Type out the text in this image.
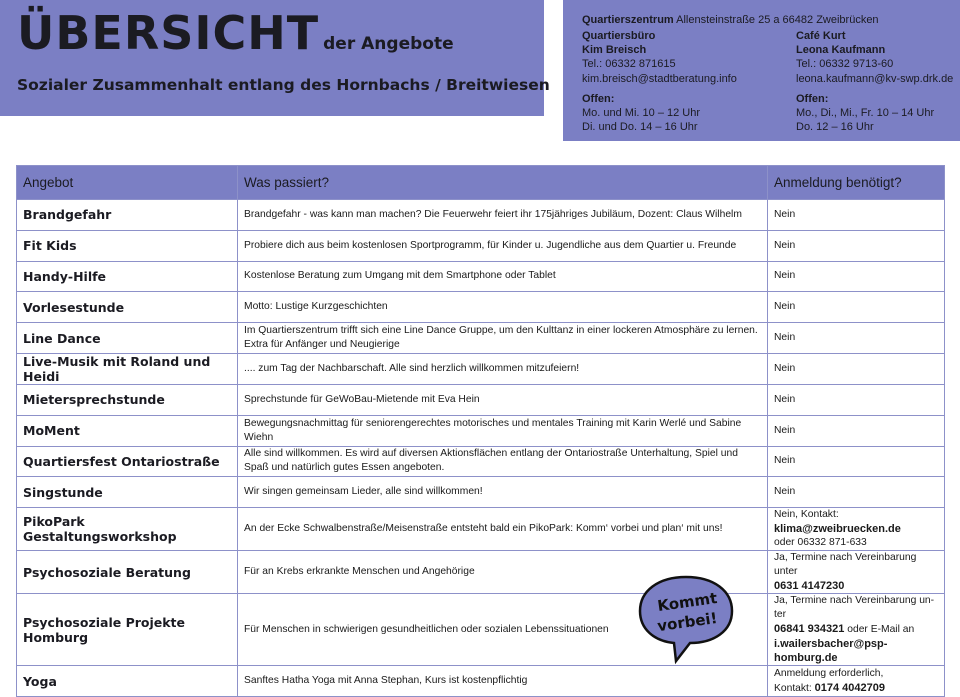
ÜBERSICHT der Angebote
Sozialer Zusammenhalt entlang des Hornbachs / Breitwiesen
Quartierszentrum Allensteinstraße 25 a 66482 Zweibrücken
Quartiersbüro
Kim Breisch
Tel.: 06332 871615
kim.breisch@stadtberatung.info
Offen:
Mo. und Mi. 10 – 12 Uhr
Di. und Do. 14 – 16 Uhr
Café Kurt
Leona Kaufmann
Tel.: 06332 9713-60
leona.kaufmann@kv-swp.drk.de
Offen:
Mo., Di., Mi., Fr. 10 – 14 Uhr
Do. 12 – 16 Uhr
Angebot	Was passiert?	Anmeldung benötigt?
Brandgefahr	Brandgefahr - was kann man machen? Die Feuerwehr feiert ihr 175jähriges Jubiläum, Dozent: Claus Wilhelm	Nein
Fit Kids	Probiere dich aus beim kostenlosen Sportprogramm, für Kinder u. Jugendliche aus dem Quartier u. Freunde	Nein
Handy-Hilfe	Kostenlose Beratung zum Umgang mit dem Smartphone oder Tablet	Nein
Vorlesestunde	Motto: Lustige Kurzgeschichten	Nein
Line Dance	Im Quartierszentrum trifft sich eine Line Dance Gruppe, um den Kulttanz in einer lockeren Atmosphäre zu lernen. Extra für Anfänger und Neugierige	Nein
Live-Musik mit Roland und Heidi	.... zum Tag der Nachbarschaft. Alle sind herzlich willkommen mitzufeiern!	Nein
Mietersprechstunde	Sprechstunde für GeWoBau-Mietende mit Eva Hein	Nein
MoMent	Bewegungsnachmittag für seniorengerechtes motorisches und mentales Training mit Karin Werlé und Sabine Wiehn	Nein
Quartiersfest Ontariostraße	Alle sind willkommen. Es wird auf diversen Aktionsflächen entlang der Ontariostraße Unterhaltung, Spiel und Spaß und natürlich gutes Essen angeboten.	Nein
Singstunde	Wir singen gemeinsam Lieder, alle sind willkommen!	Nein
PikoPark Gestaltungsworkshop	An der Ecke Schwalbenstraße/Meisenstraße entsteht bald ein PikoPark: Komm‘ vorbei und plan‘ mit uns!	Nein, Kontakt:
klima@zweibruecken.de
oder 06332 871-633

Psychosoziale Beratung	Für an Krebs erkrankte Menschen und Angehörige	Ja, Termine nach Vereinbarung unter
0631 4147230

Psychosoziale Projekte Homburg	Für Menschen in schwierigen gesundheitlichen oder sozialen Lebenssituationen	Ja, Termine nach Vereinbarung un-ter
06841 934321 oder E-Mail an
i.wailersbacher@psp-homburg.de

Yoga	Sanftes Hatha Yoga mit Anna Stephan, Kurs ist kostenpflichtig	Anmeldung erforderlich,
Kontakt: 0174 4042709
Kommt
vorbei!
